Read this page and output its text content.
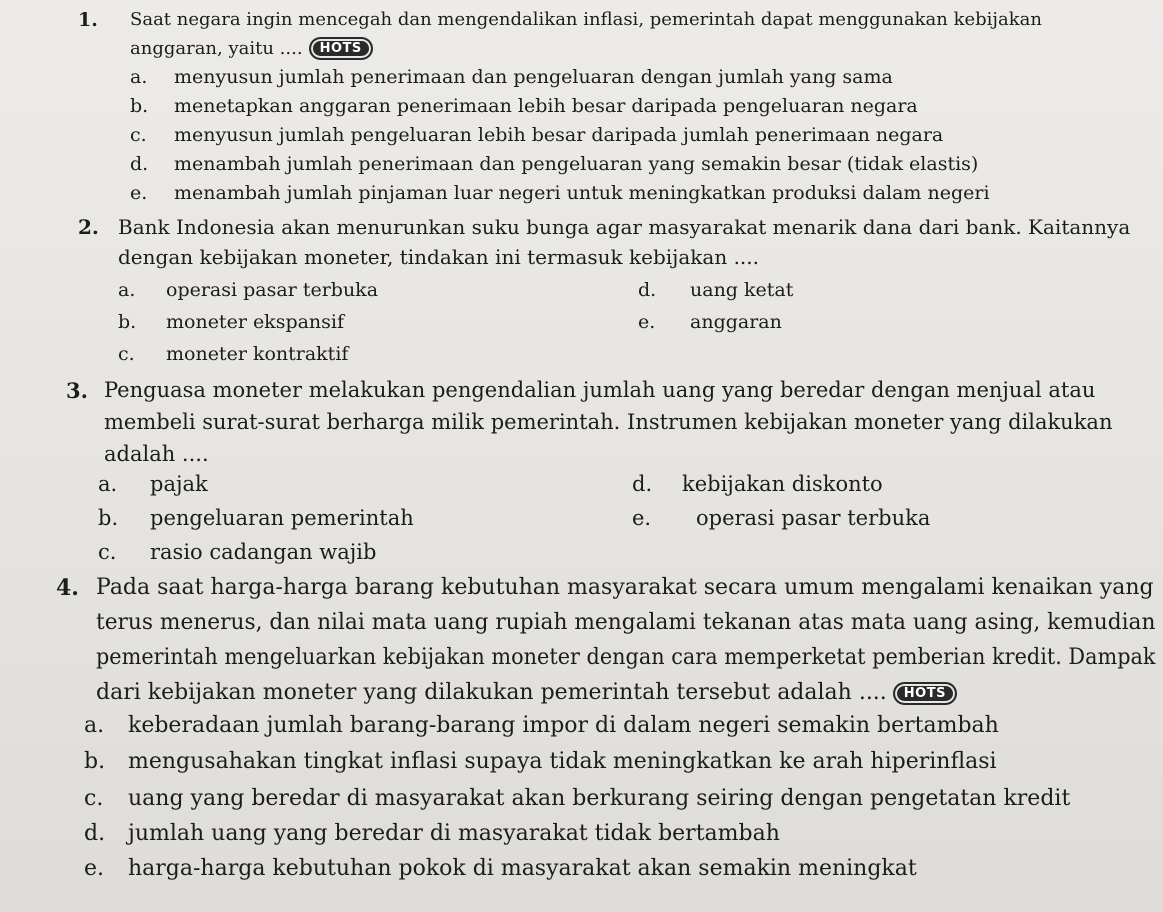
1. Saat negara ingin mencegah dan mengendalikan inflasi, pemerintah dapat menggunakan kebijakan
anggaran, yaitu .... HOTS
a. menyusun jumlah penerimaan dan pengeluaran dengan jumlah yang sama
b. menetapkan anggaran penerimaan lebih besar daripada pengeluaran negara
c. menyusun jumlah pengeluaran lebih besar daripada jumlah penerimaan negara
d. menambah jumlah penerimaan dan pengeluaran yang semakin besar (tidak elastis)
e. menambah jumlah pinjaman luar negeri untuk meningkatkan produksi dalam negeri
2. Bank Indonesia akan menurunkan suku bunga agar masyarakat menarik dana dari bank. Kaitannya
dengan kebijakan moneter, tindakan ini termasuk kebijakan ....
a. operasi pasar terbuka
b. moneter ekspansif
c. moneter kontraktif
d. uang ketat
e. anggaran
3. Penguasa moneter melakukan pengendalian jumlah uang yang beredar dengan menjual atau
membeli surat-surat berharga milik pemerintah. Instrumen kebijakan moneter yang dilakukan
adalah ....
a. pajak
b. pengeluaran pemerintah
c. rasio cadangan wajib
d. kebijakan diskonto
e. operasi pasar terbuka
4. Pada saat harga-harga barang kebutuhan masyarakat secara umum mengalami kenaikan yang
terus menerus, dan nilai mata uang rupiah mengalami tekanan atas mata uang asing, kemudian
pemerintah mengeluarkan kebijakan moneter dengan cara memperketat pemberian kredit. Dampak
dari kebijakan moneter yang dilakukan pemerintah tersebut adalah .... HOTS
a. keberadaan jumlah barang-barang impor di dalam negeri semakin bertambah
b. mengusahakan tingkat inflasi supaya tidak meningkatkan ke arah hiperinflasi
c. uang yang beredar di masyarakat akan berkurang seiring dengan pengetatan kredit
d. jumlah uang yang beredar di masyarakat tidak bertambah
e. harga-harga kebutuhan pokok di masyarakat akan semakin meningkat
